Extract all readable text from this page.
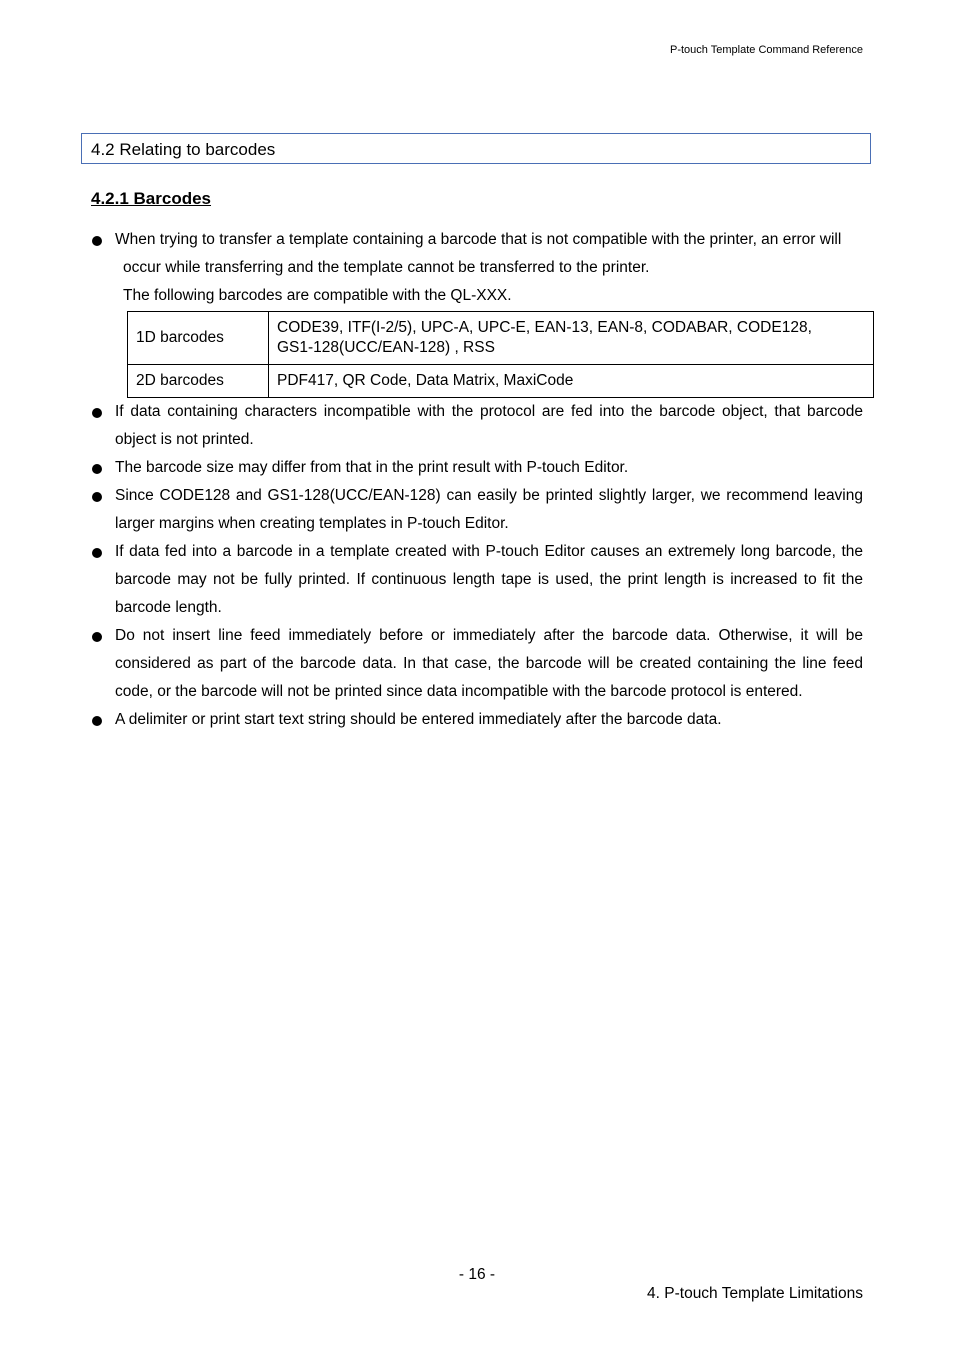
P-touch Template Command Reference
4.2 Relating to barcodes
4.2.1 Barcodes
When trying to transfer a template containing a barcode that is not compatible with the printer, an error will
occur while transferring and the template cannot be transferred to the printer.
The following barcodes are compatible with the QL-XXX.
1D barcodes	CODE39, ITF(I-2/5), UPC-A, UPC-E, EAN-13, EAN-8, CODABAR, CODE128,
GS1-128(UCC/EAN-128) , RSS

2D barcodes	PDF417, QR Code, Data Matrix, MaxiCode
If data containing characters incompatible with the protocol are fed into the barcode object, that barcode object is not printed.
The barcode size may differ from that in the print result with P-touch Editor.
Since CODE128 and GS1-128(UCC/EAN-128) can easily be printed slightly larger, we recommend leaving larger margins when creating templates in P-touch Editor.
If data fed into a barcode in a template created with P-touch Editor causes an extremely long barcode, the barcode may not be fully printed. If continuous length tape is used, the print length is increased to fit the barcode length.
Do not insert line feed immediately before or immediately after the barcode data. Otherwise, it will be considered as part of the barcode data. In that case, the barcode will be created containing the line feed code, or the barcode will not be printed since data incompatible with the barcode protocol is entered.
A delimiter or print start text string should be entered immediately after the barcode data.
- 16 -
4. P-touch Template Limitations
